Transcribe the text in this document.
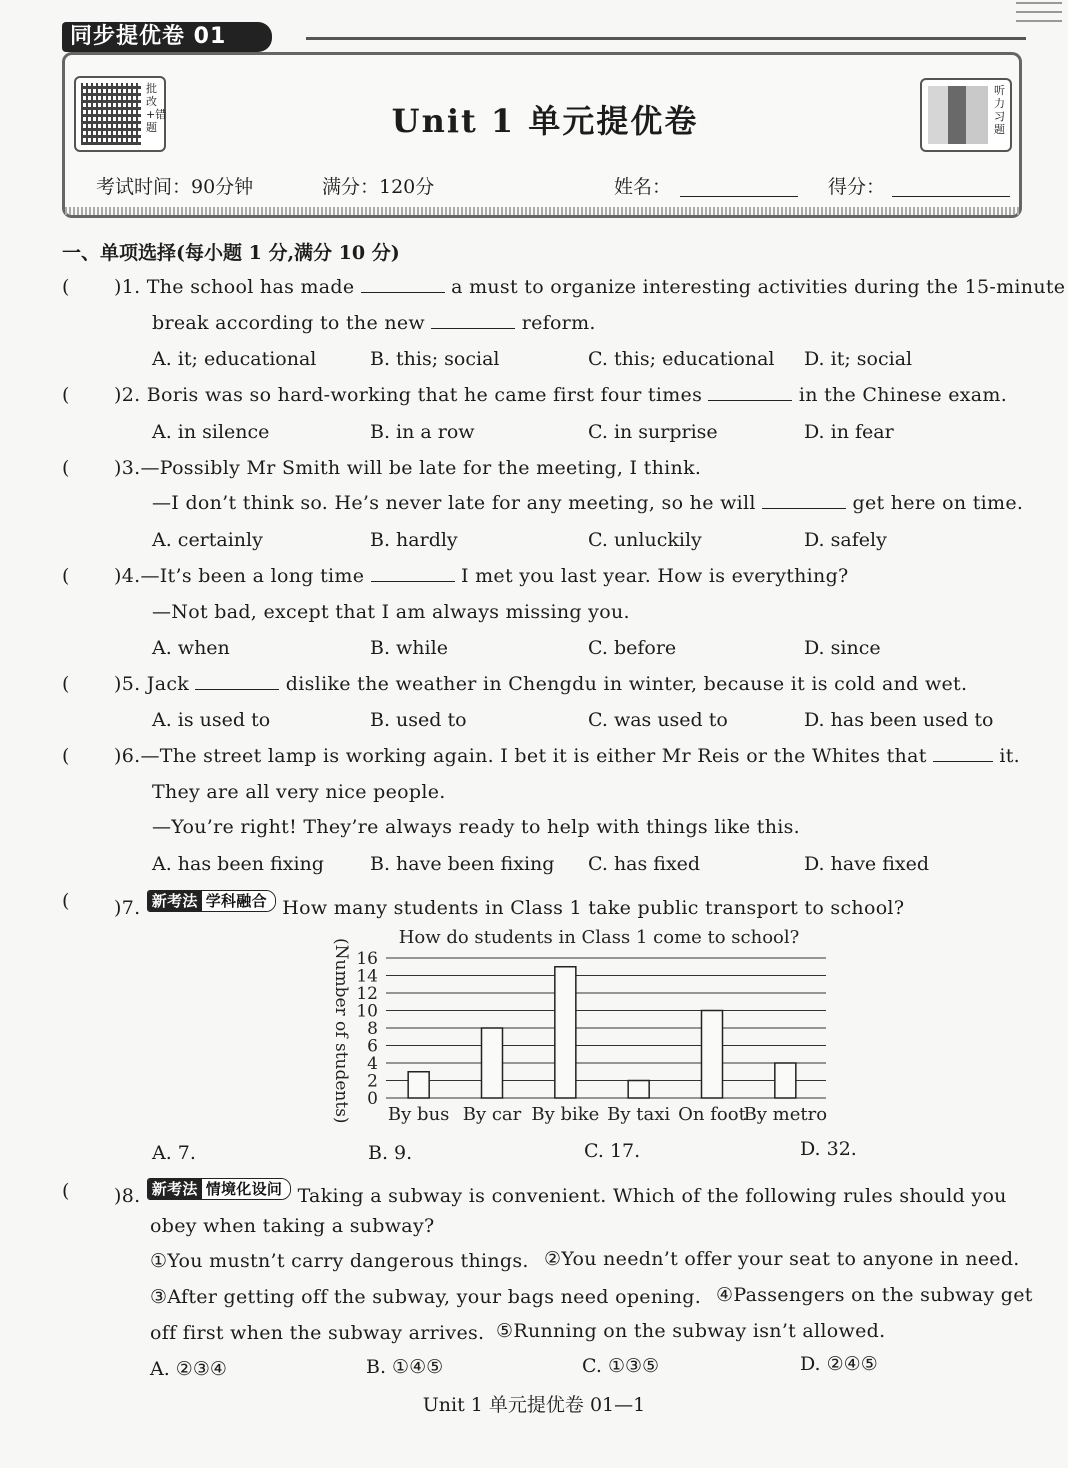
同步提优卷 01
批改+错题
听力习题
Unit 1 单元提优卷
考试时间：90分钟	满分：120分	姓名：	得分：
一、单项选择(每小题 1 分,满分 10 分)
( )1. The school has made	a must to organize interesting activities during the 15-minute
break according to the new	reform.
A. it; educational	B. this; social	C. this; educational D. it; social
( )2. Boris was so hard-working that he came first four times	in the Chinese exam.
A. in silence	B. in a row	C. in surprise	D. in fear
( )3.—Possibly Mr Smith will be late for the meeting, I think.
—I don’t think so. He’s never late for any meeting, so he will	get here on time.
A. certainly	B. hardly	C. unluckily	D. safely
( )4.—It’s been a long time	I met you last year. How is everything?
—Not bad, except that I am always missing you.
A. when	B. while	C. before	D. since
( )5. Jack	dislike the weather in Chengdu in winter, because it is cold and wet.
A. is used to	B. used to	C. was used to	D. has been used to
( )6.—The street lamp is working again. I bet it is either Mr Reis or the Whites that	it.
They are all very nice people.
—You’re right! They’re always ready to help with things like this.
A. has been fixing B. have been fixing C. has fixed	D. have fixed
( )7. 新考法 学科融合 How many students in Class 1 take public transport to school?
How do students in Class 1 come to school?
(Number of students) 0
2
4
6
8
10
12
14
16
By bus By car By bike By taxi On foot
By metro
A. 7.	B. 9.	C. 17.	D. 32.
( )8. 新考法 情境化设问 Taking a subway is convenient. Which of the following rules should you
obey when taking a subway?
①You mustn’t carry dangerous things. ②You needn’t offer your seat to anyone in need.
③After getting off the subway, your bags need opening. ④Passengers on the subway get
off first when the subway arrives. ⑤Running on the subway isn’t allowed.
A. ②③④	B. ①④⑤	C. ①③⑤	D. ②④⑤
Unit 1 单元提优卷 01—1
